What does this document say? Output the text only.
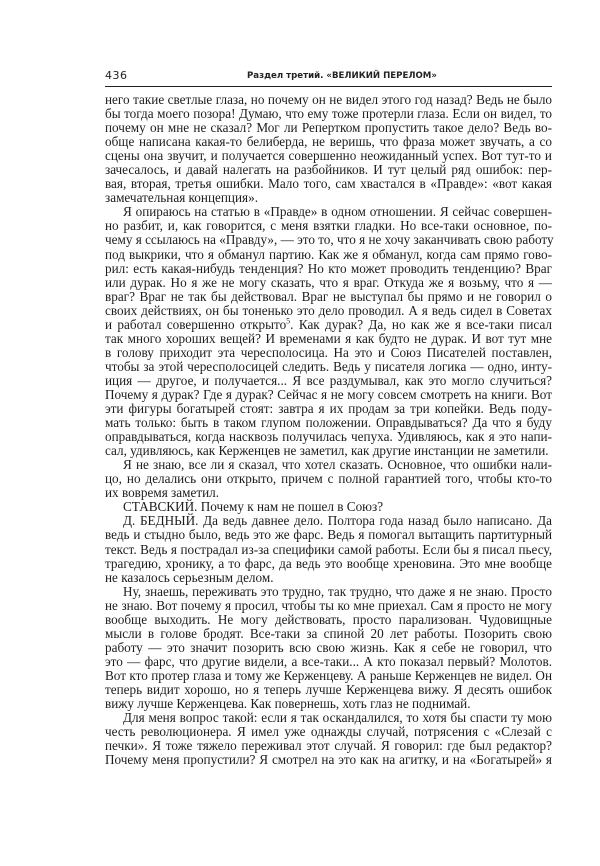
436	Раздел третий. «ВЕЛИКИЙ ПЕРЕЛОМ»

него такие светлые глаза, но почему он не видел этого год назад? Ведь не было
бы тогда моего позора! Думаю, что ему тоже протерли глаза. Если он видел, то
почему он мне не сказал? Мог ли Репертком пропустить такое дело? Ведь во-
обще написана какая-то белиберда, не веришь, что фраза может звучать, а со
сцены она звучит, и получается совершенно неожиданный успех. Вот тут-то и
зачесалось, и давай налегать на разбойников. И тут целый ряд ошибок: пер-
вая, вторая, третья ошибки. Мало того, сам хвастался в «Правде»: «вот какая
замечательная концепция».

Я опираюсь на статью в «Правде» в одном отношении. Я сейчас совершен-
но разбит, и, как говорится, с меня взятки гладки. Но все-таки основное, по-
чему я ссылаюсь на «Правду», — это то, что я не хочу заканчивать свою работу
под выкрики, что я обманул партию. Как же я обманул, когда сам прямо гово-
рил: есть какая-нибудь тенденция? Но кто может проводить тенденцию? Враг
или дурак. Но я же не могу сказать, что я враг. Откуда же я возьму, что я —
враг? Враг не так бы действовал. Враг не выступал бы прямо и не говорил о
своих действиях, он бы тоненько это дело проводил. А я ведь сидел в Советах
и работал совершенно открыто$^5$. Как дурак? Да, но как же я все-таки писал
так много хороших вещей? И временами я как будто не дурак. И вот тут мне
в голову приходит эта чересполосица. На это и Союз Писателей поставлен,
чтобы за этой чересполосицей следить. Ведь у писателя логика — одно, инту-
иция — другое, и получается... Я все раздумывал, как это могло случиться?
Почему я дурак? Где я дурак? Сейчас я не могу совсем смотреть на книги. Вот
эти фигуры богатырей стоят: завтра я их продам за три копейки. Ведь поду-
мать только: быть в таком глупом положении. Оправдываться? Да что я буду
оправдываться, когда насквозь получилась чепуха. Удивляюсь, как я это напи-
сал, удивляюсь, как Керженцев не заметил, как другие инстанции не заметили.

Я не знаю, все ли я сказал, что хотел сказать. Основное, что ошибки нали-
цо, но делались они открыто, причем с полной гарантией того, чтобы кто-то
их вовремя заметил.

СТАВСКИЙ. Почему к нам не пошел в Союз?

Д. БЕДНЫЙ. Да ведь давнее дело. Полтора года назад было написано. Да
ведь и стыдно было, ведь это же фарс. Ведь я помогал вытащить партитурный
текст. Ведь я пострадал из-за специфики самой работы. Если бы я писал пьесу,
трагедию, хронику, а то фарс, да ведь это вообще хреновина. Это мне вообще
не казалось серьезным делом.

Ну, знаешь, переживать это трудно, так трудно, что даже я не знаю. Просто
не знаю. Вот почему я просил, чтобы ты ко мне приехал. Сам я просто не могу
вообще выходить. Не могу действовать, просто парализован. Чудовищные
мысли в голове бродят. Все-таки за спиной 20 лет работы. Позорить свою
работу — это значит позорить всю свою жизнь. Как я себе не говорил, что
это — фарс, что другие видели, а все-таки... А кто показал первый? Молотов.
Вот кто протер глаза и тому же Керженцеву. А раньше Керженцев не видел. Он
теперь видит хорошо, но я теперь лучше Керженцева вижу. Я десять ошибок
вижу лучше Керженцева. Как повернешь, хоть глаз не поднимай.

Для меня вопрос такой: если я так оскандалился, то хотя бы спасти ту мою
честь революционера. Я имел уже однажды случай, потрясения с «Слезай с
печки». Я тоже тяжело переживал этот случай. Я говорил: где был редактор?
Почему меня пропустили? Я смотрел на это как на агитку, и на «Богатырей» я
